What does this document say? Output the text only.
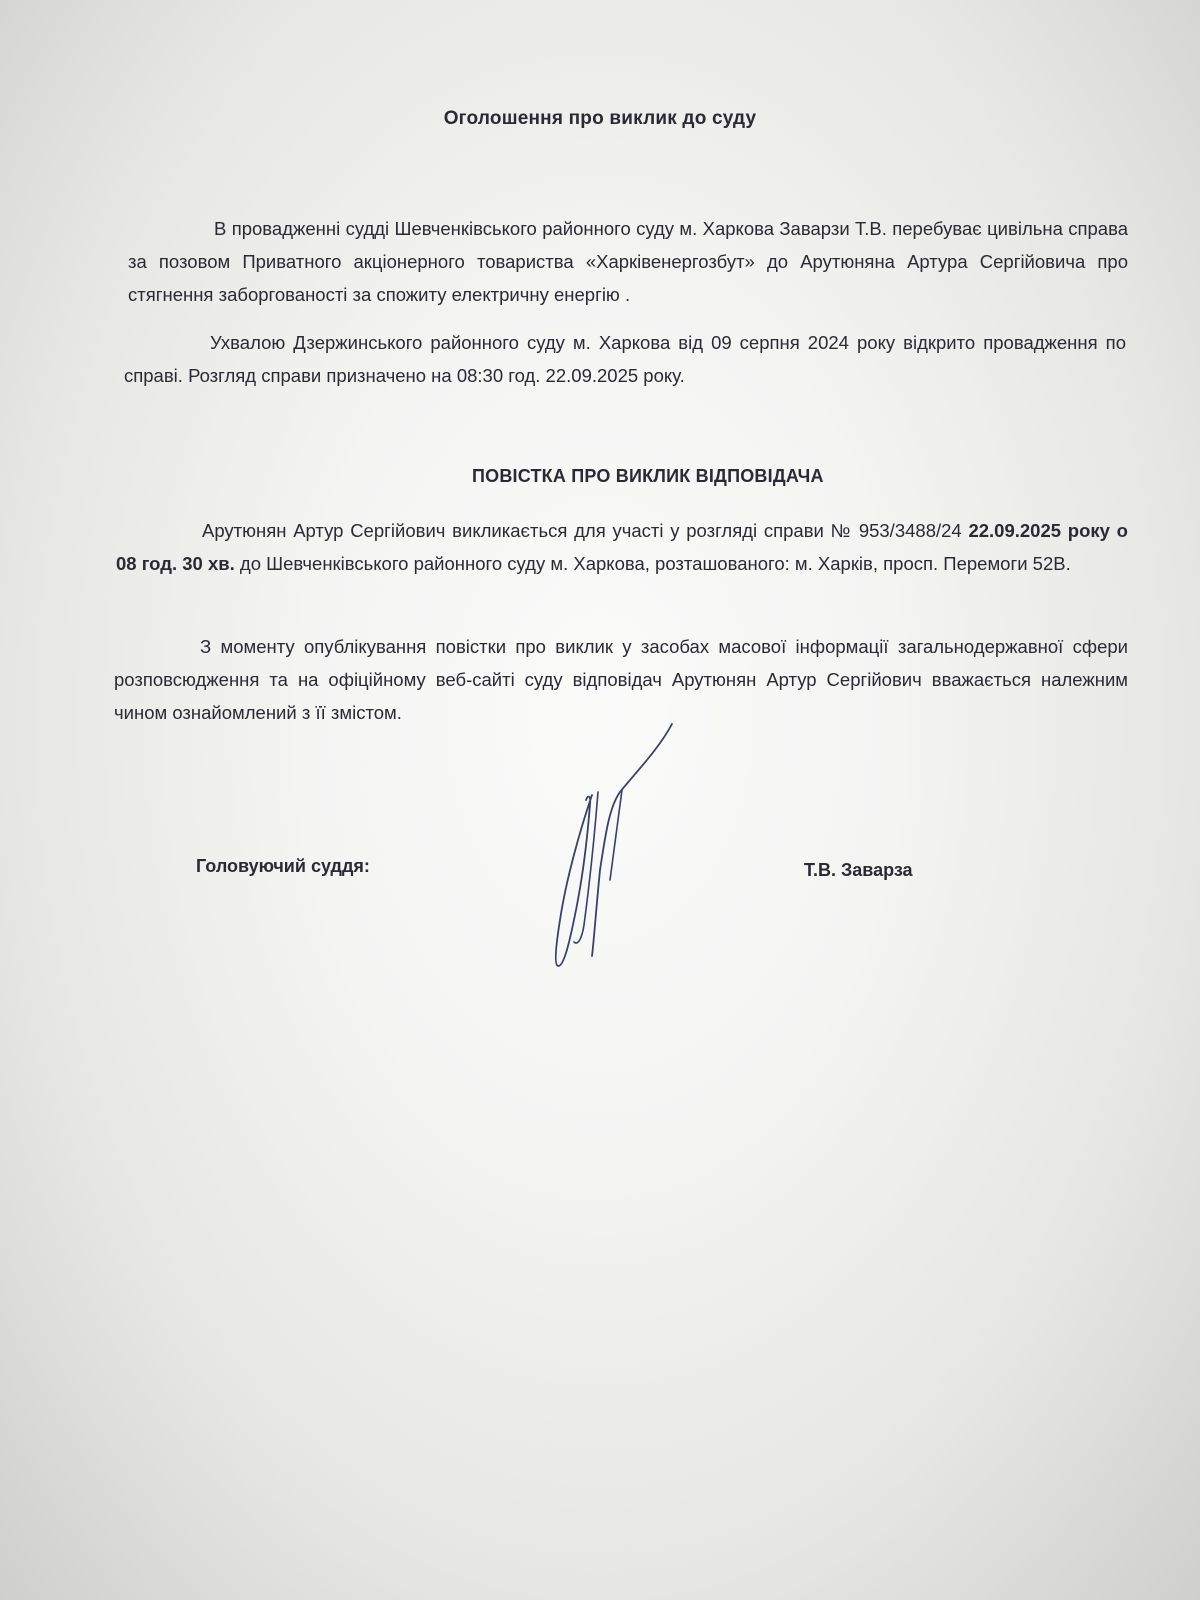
Оголошення про виклик до суду

В провадженні судді Шевченківського районного суду м. Харкова Заварзи Т.В. перебуває цивільна справа за позовом Приватного акціонерного товариства «Харківенергозбут» до Арутюняна Артура Сергійовича про стягнення заборгованості за спожиту електричну енергію .

Ухвалою Дзержинського районного суду м. Харкова від 09 серпня 2024 року відкрито провадження по справі. Розгляд справи призначено на 08:30 год. 22.09.2025 року.

ПОВІСТКА ПРО ВИКЛИК ВІДПОВІДАЧА

Арутюнян Артур Сергійович викликається для участі у розгляді справи № 953/3488/24 22.09.2025 року о 08 год. 30 хв. до Шевченківського районного суду м. Харкова, розташованого: м. Харків, просп. Перемоги 52В.

З моменту опублікування повістки про виклик у засобах масової інформації загальнодержавної сфери розповсюдження та на офіційному веб-сайті суду відповідач Арутюнян Артур Сергійович вважається належним чином ознайомлений з її змістом.

Головуючий суддя:	Т.В. Заварза
